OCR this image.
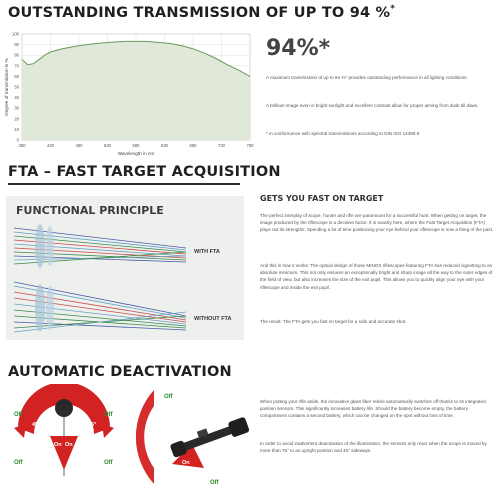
OUTSTANDING TRANSMISSION OF UP TO 94 %*
100
90
80
70
60
50
40
30
20
10
0
380	430	480	530	580	630	680	730	780
Wavelength in nm
Degree of transmission in %
94%*
A maximum transmission of up to 94 %* provides outstanding performance in all lighting conditions.
A brilliant image even in bright sunlight and excellent contrast allow for proper aiming from dusk till dawn.
* in conformance with spectral transmissions according to DIN ISO 14490-5
FTA – FAST TARGET ACQUISITION
FUNCTIONAL PRINCIPLE
WITH FTA
WITHOUT FTA
GETS YOU FAST ON TARGET
The perfect interplay of scope, hunter and rifle are paramount for a successful hunt. When getting on target, the image produced by the riflescope is a decisive factor. It is exactly here, where the Fast Target Acquisition (FTA) plays out its strengths: Spending a lot of time positioning your eye behind your riflescope is now a thing of the past.
And this is how it works: The optical design of those MINOX riflescopes featuring FTA has reduced vignetting to an absolute minimum. This not only ensures an exceptionally bright and sharp image all the way to the outer edges of the field of view, but also increases the size of the exit pupil. This allows you to quickly align your eye with your riflescope and inside the exit pupil .
The result: The FTA gets you fast on target for a safe and accurate shot.
AUTOMATIC DEACTIVATION
When putting your rifle aside, the innovative glass fiber reticle automatically switches off thanks to its integrated position sensors. This significantly increases battery life. Should the battery become empty, the battery compartment contains a second battery, which can be changed on the spot without loss of time.
In order to avoid inadvertent deactivation of the illumination, the sensors only react when the scope is moved by more than 75° to an upright position and 45° sideways.
45°	45°
On On
Off	Off
Off	Off
75°
On
Off
Off
